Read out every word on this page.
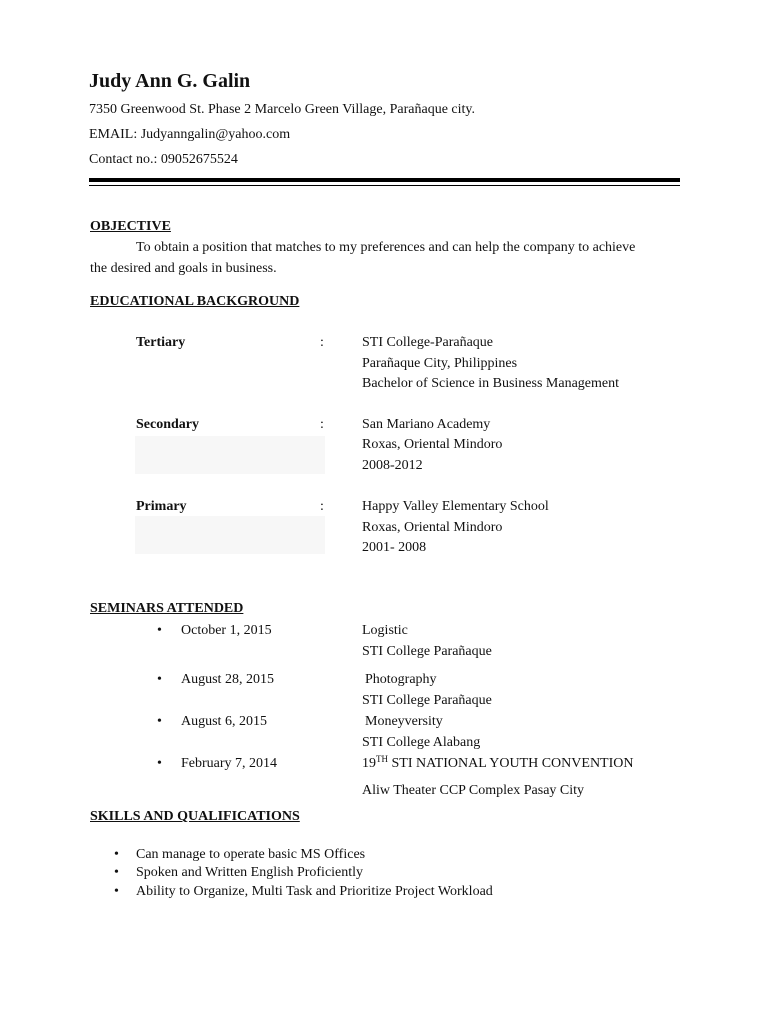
Judy Ann G. Galin
7350 Greenwood St. Phase 2 Marcelo Green Village, Parañaque city.
EMAIL: Judyanngalin@yahoo.com
Contact no.: 09052675524
OBJECTIVE
To obtain a position that matches to my preferences and can help the company to achieve
the desired and goals in business.
EDUCATIONAL BACKGROUND
Tertiary	:	STI College-Parañaque
Parañaque City, Philippines
Bachelor of Science in Business Management
Secondary	:	San Mariano Academy
Roxas, Oriental Mindoro
2008-2012
Primary	:	Happy Valley Elementary School
Roxas, Oriental Mindoro
2001- 2008
SEMINARS ATTENDED
• October 1, 2015	Logistic
STI College Parañaque
• August 28, 2015	Photography
STI College Parañaque
• August 6, 2015	Moneyversity
STI College Alabang
• February 7, 2014	19TH STI NATIONAL YOUTH CONVENTION
Aliw Theater CCP Complex Pasay City
SKILLS AND QUALIFICATIONS
• Can manage to operate basic MS Offices
• Spoken and Written English Proficiently
• Ability to Organize, Multi Task and Prioritize Project Workload
